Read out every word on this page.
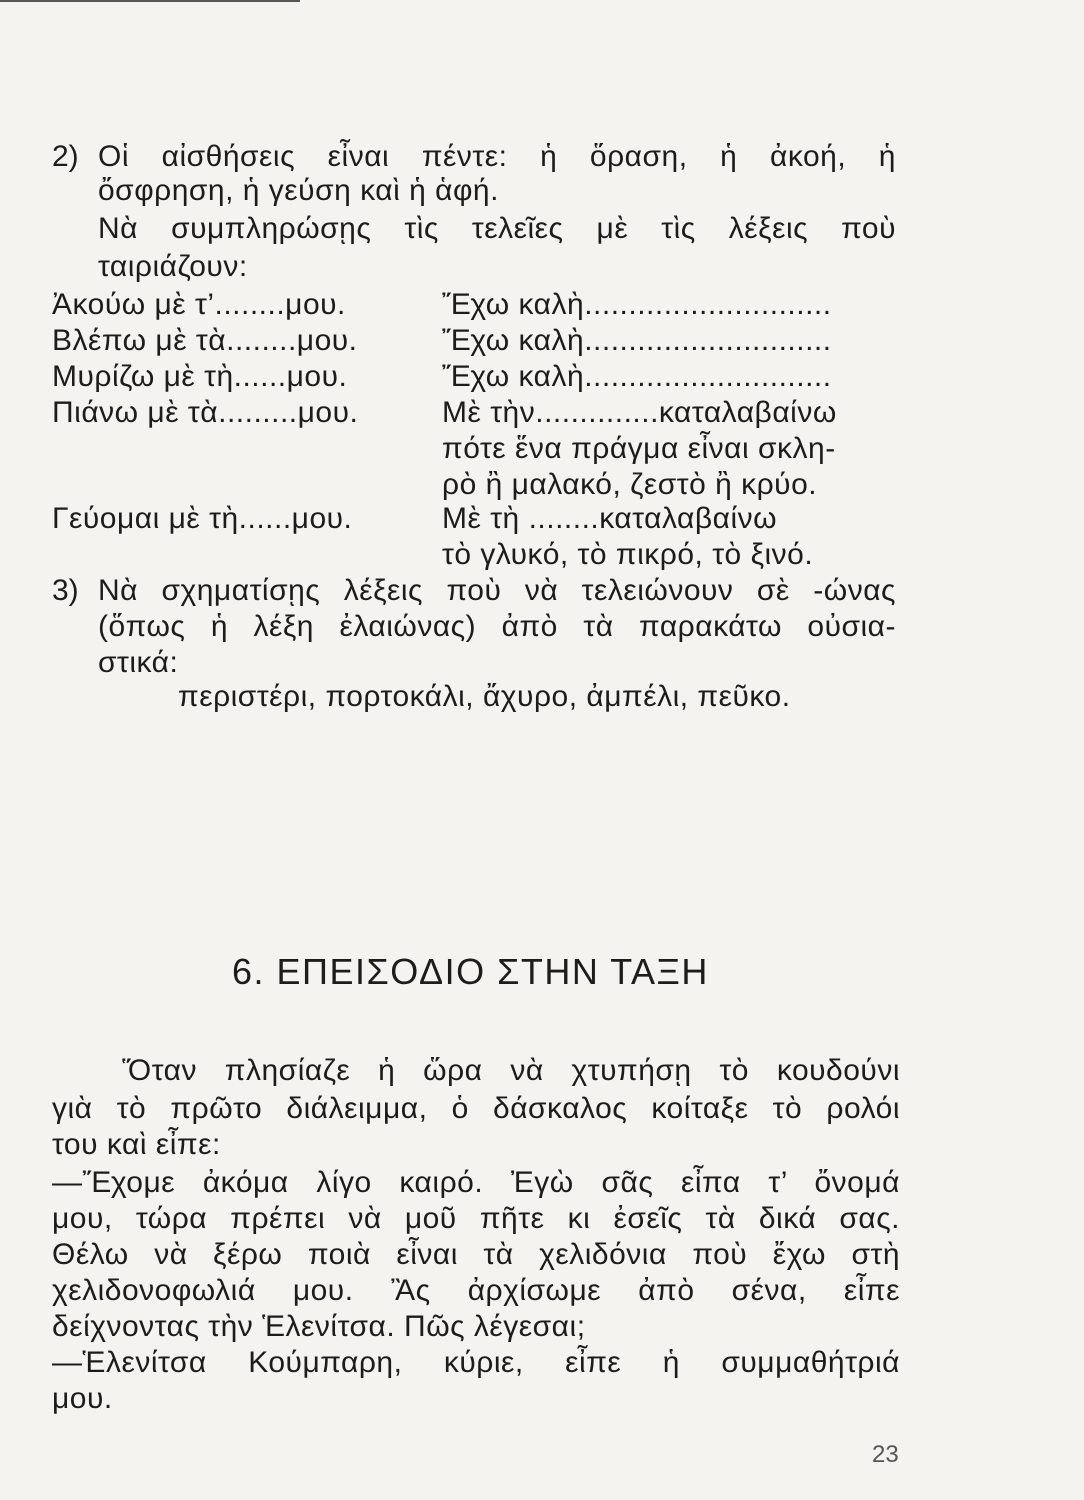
2) Οἱ αἰσθήσεις εἶναι πέντε: ἡ ὅραση, ἡ ἀκοή, ἡ
ὄσφρηση, ἡ γεύση καὶ ἡ ἁφή.
Νὰ συμπληρώσῃς τὶς τελεῖες μὲ τὶς λέξεις ποὺ
ταιριάζουν:
Ἀκούω μὲ τ’........μου.	Ἔχω καλὴ............................
Βλέπω μὲ τὰ........μου.	Ἔχω καλὴ............................
Μυρίζω μὲ τὴ......μου.	Ἔχω καλὴ............................
Πιάνω μὲ τὰ.........μου.	Μὲ τὴν..............καταλαβαίνω
πότε ἕνα πράγμα εἶναι σκλη-
ρὸ ἢ μαλακό, ζεστὸ ἢ κρύο.
Γεύομαι μὲ τὴ......μου.	Μὲ τὴ ........καταλαβαίνω
τὸ γλυκό, τὸ πικρό, τὸ ξινό.
3) Νὰ σχηματίσῃς λέξεις ποὺ νὰ τελειώνουν σὲ -ώνας
(ὅπως ἡ λέξη ἐλαιώνας) ἀπὸ τὰ παρακάτω οὐσια-
στικά:
περιστέρι, πορτοκάλι, ἄχυρο, ἀμπέλι, πεῦκο.
6. ΕΠΕΙΣΟΔΙΟ ΣΤΗΝ ΤΑΞΗ
Ὅταν πλησίαζε ἡ ὥρα νὰ χτυπήσῃ τὸ κουδούνι
γιὰ τὸ πρῶτο διάλειμμα, ὁ δάσκαλος κοίταξε τὸ ρολόι
του καὶ εἶπε:
—Ἔχομε ἀκόμα λίγο καιρό. Ἐγὼ σᾶς εἶπα τ’ ὄνομά
μου, τώρα πρέπει νὰ μοῦ πῆτε κι ἐσεῖς τὰ δικά σας.
Θέλω νὰ ξέρω ποιὰ εἶναι τὰ χελιδόνια ποὺ ἔχω στὴ
χελιδονοφωλιά μου. Ἂς ἀρχίσωμε ἀπὸ σένα, εἶπε
δείχνοντας τὴν Ἑλενίτσα. Πῶς λέγεσαι;
—Ἑλενίτσα Κούμπαρη, κύριε, εἶπε ἡ συμμαθήτριά
μου.
23
